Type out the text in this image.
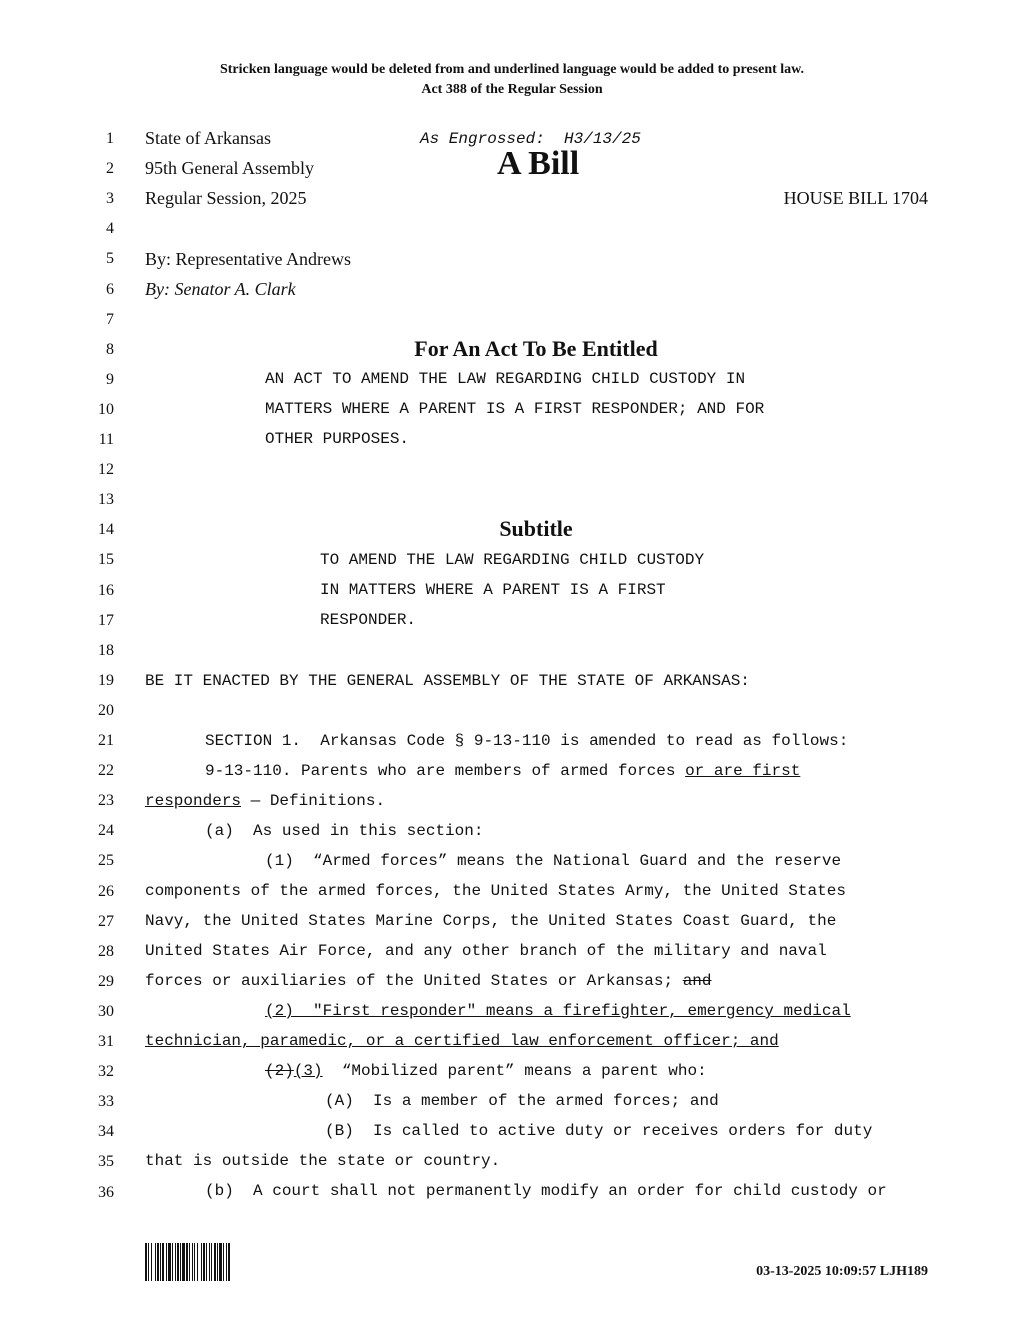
Stricken language would be deleted from and underlined language would be added to present law.
Act 388 of the Regular Session
1
2
3
4
5
6
7
8
9
10
11
12
13
14
15
16
17
18
19
20
21
22
23
24
25
26
27
28
29
30
31
32
33
34
35
36
State of Arkansas	As Engrossed:  H3/13/25
95th General Assembly	A Bill
Regular Session, 2025	HOUSE BILL 1704
By: Representative Andrews
By: Senator A. Clark
For An Act To Be Entitled
AN ACT TO AMEND THE LAW REGARDING CHILD CUSTODY IN
MATTERS WHERE A PARENT IS A FIRST RESPONDER; AND FOR
OTHER PURPOSES.
Subtitle
TO AMEND THE LAW REGARDING CHILD CUSTODY
IN MATTERS WHERE A PARENT IS A FIRST
RESPONDER.
BE IT ENACTED BY THE GENERAL ASSEMBLY OF THE STATE OF ARKANSAS:
SECTION 1.  Arkansas Code § 9-13-110 is amended to read as follows:
9-13-110. Parents who are members of armed forces or are first
responders — Definitions.
(a)  As used in this section:
(1)  “Armed forces” means the National Guard and the reserve
components of the armed forces, the United States Army, the United States
Navy, the United States Marine Corps, the United States Coast Guard, the
United States Air Force, and any other branch of the military and naval
forces or auxiliaries of the United States or Arkansas; and
(2)  "First responder" means a firefighter, emergency medical
technician, paramedic, or a certified law enforcement officer; and
(2)(3)  “Mobilized parent” means a parent who:
(A)  Is a member of the armed forces; and
(B)  Is called to active duty or receives orders for duty
that is outside the state or country.
(b)  A court shall not permanently modify an order for child custody or
03-13-2025 10:09:57 LJH189
